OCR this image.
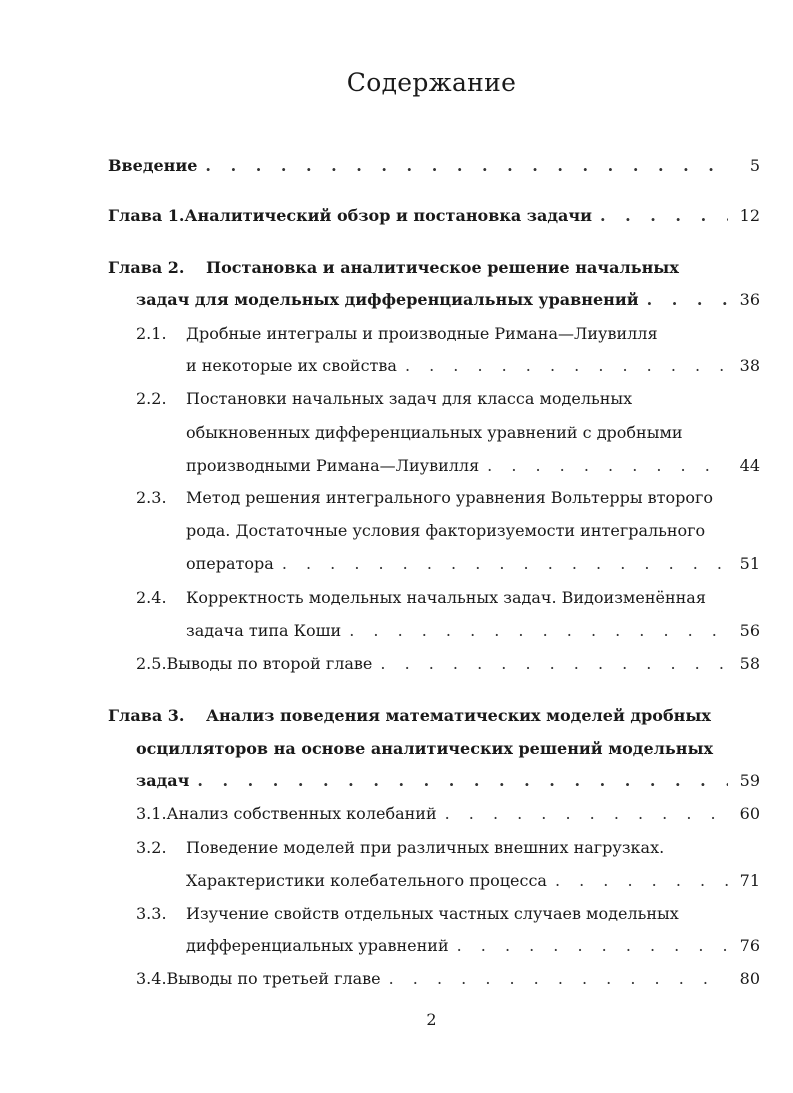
Содержание
Введение . . .	5
Глава 1. Аналитический обзор и постановка задачи . . .	12
Глава 2.	Постановка и аналитическое решение начальных
задач для модельных дифференциальных уравнений . . .	36
2.1.	Дробные интегралы и производные Римана—Лиувилля
и некоторые их свойства . . .	38
2.2.	Постановки начальных задач для класса модельных
обыкновенных дифференциальных уравнений с дробными
производными Римана—Лиувилля . . .	44
2.3.	Метод решения интегрального уравнения Вольтерры второго
рода. Достаточные условия факторизуемости интегрального
оператора . . .	51
2.4.	Корректность модельных начальных задач. Видоизменённая
задача типа Коши . . .	56
2.5. Выводы по второй главе . . .	58
Глава 3.	Анализ поведения математических моделей дробных
осцилляторов на основе аналитических решений модельных
задач . . .	59
3.1. Анализ собственных колебаний . . .	60
3.2.	Поведение моделей при различных внешних нагрузках.
Характеристики колебательного процесса . . .	71
3.3.	Изучение свойств отдельных частных случаев модельных
дифференциальных уравнений . . .	76
3.4. Выводы по третьей главе . . .	80
2
